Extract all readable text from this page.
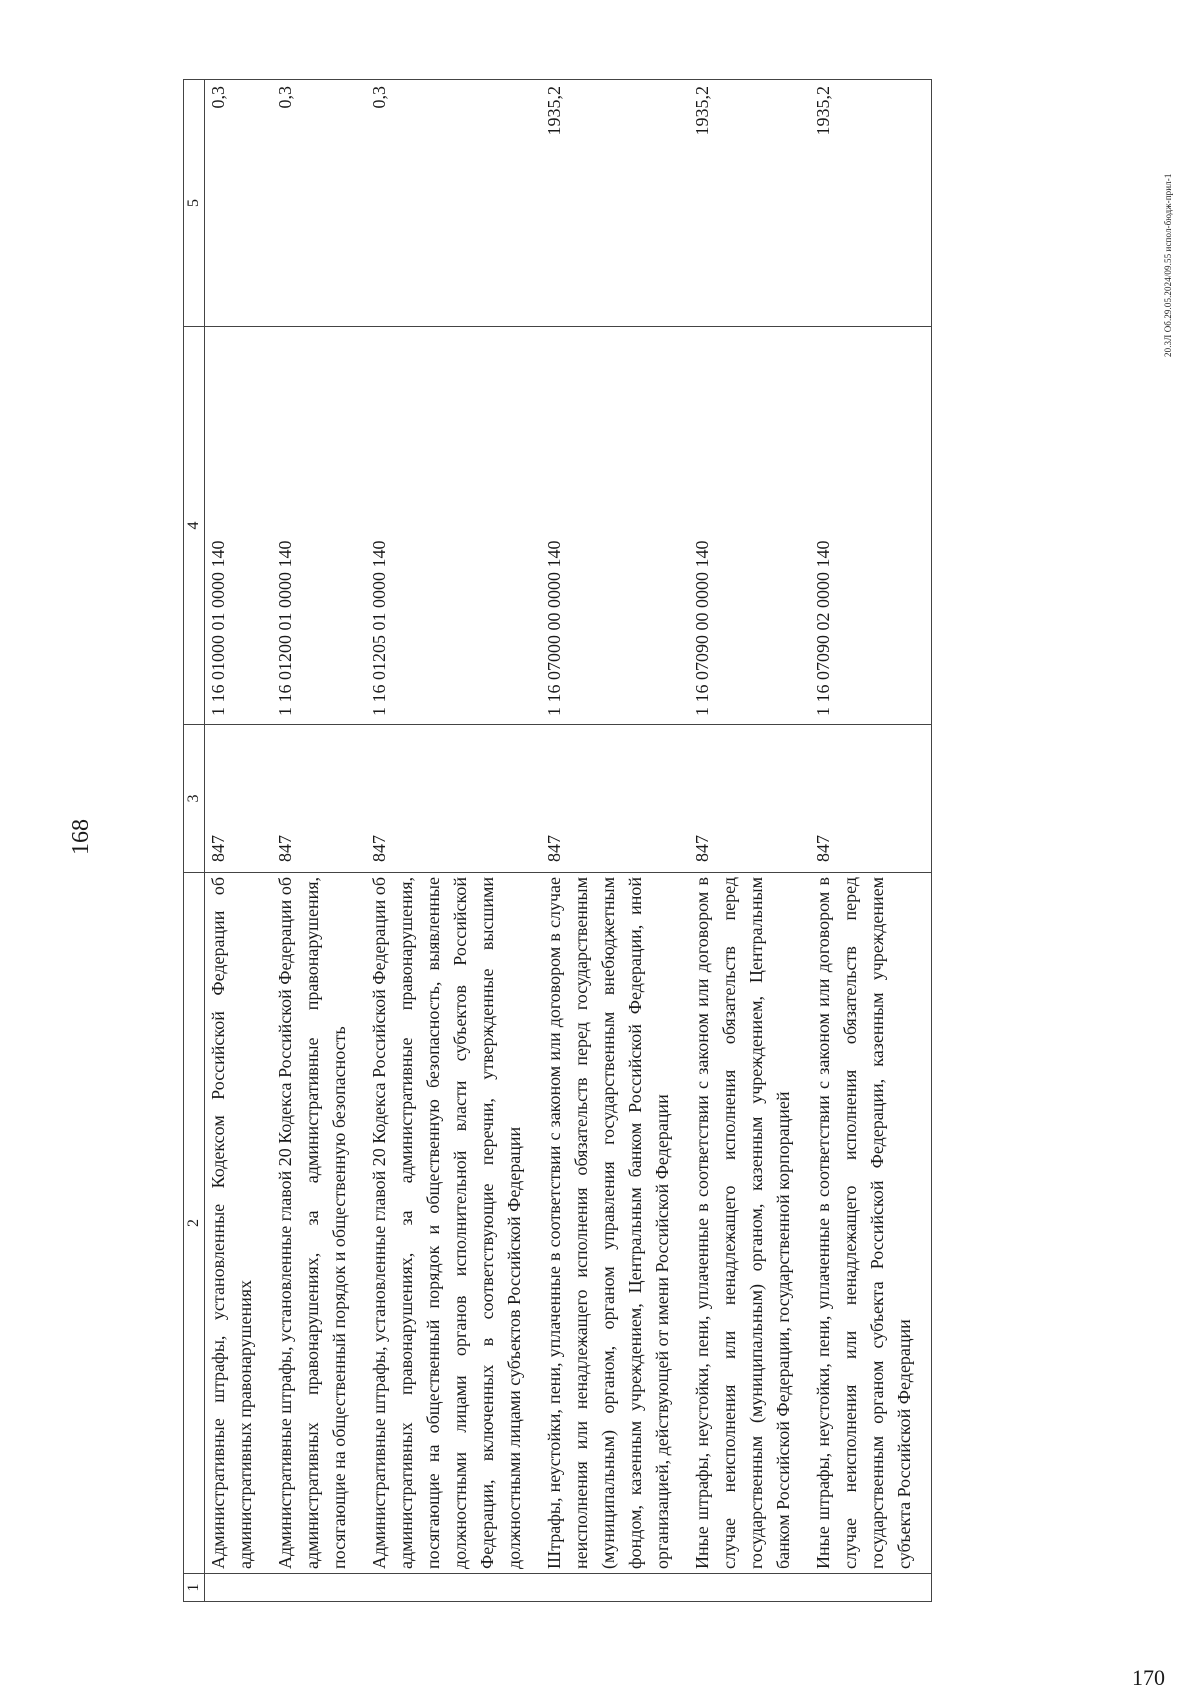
168
1	2	3	4	5
	Административные штрафы, установленные Кодексом Российской Федерации об административных правонарушениях	847	1 16 01000 01 0000 140	0,3
	Административные штрафы, установленные главой 20 Кодекса Российской Федерации об административных правонарушениях, за административные правонарушения, посягающие на общественный порядок и общественную безопасность	847	1 16 01200 01 0000 140	0,3
	Административные штрафы, установленные главой 20 Кодекса Российской Федерации об административных правонарушениях, за административные правонарушения, посягающие на общественный порядок и общественную безопасность, выявленные должностными лицами органов исполнительной власти субъектов Российской Федерации, включенных в соответствующие перечни, утвержденные высшими должностными лицами субъектов Российской Федерации	847	1 16 01205 01 0000 140	0,3
	Штрафы, неустойки, пени, уплаченные в соответствии с законом или договором в случае неисполнения или ненадлежащего исполнения обязательств перед государственным (муниципальным) органом, органом управления государственным внебюджетным фондом, казенным учреждением, Центральным банком Российской Федерации, иной организацией, действующей от имени Российской Федерации	847	1 16 07000 00 0000 140	1935,2
	Иные штрафы, неустойки, пени, уплаченные в соответствии с законом или договором в случае неисполнения или ненадлежащего исполнения обязательств перед государственным (муниципальным) органом, казенным учреждением, Центральным банком Российской Федерации, государственной корпорацией	847	1 16 07090 00 0000 140	1935,2
	Иные штрафы, неустойки, пени, уплаченные в соответствии с законом или договором в случае неисполнения или ненадлежащего исполнения обязательств перед государственным органом субъекта Российской Федерации, казенным учреждением субъекта Российской Федерации	847	1 16 07090 02 0000 140	1935,2
20.3Л Об.29.05.2024/09.55 испол-бюдж-прил-1
170
